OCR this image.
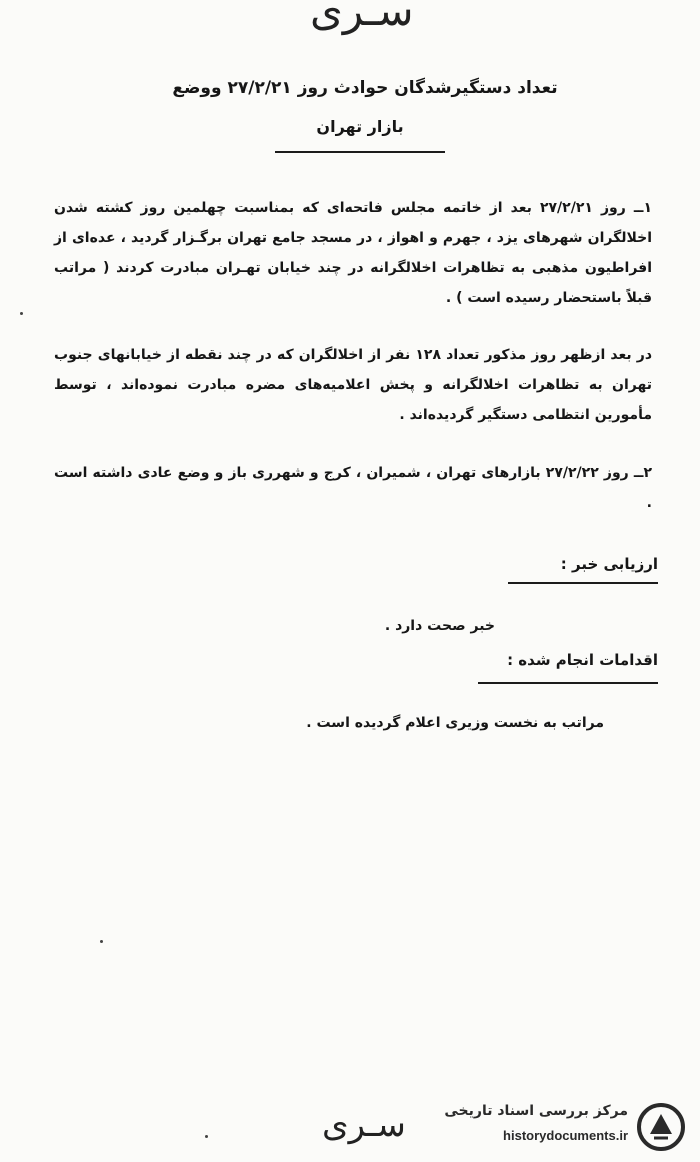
سـری
تعداد دستگیرشدگان حوادث روز ۲۷/۲/۲۱ ووضع
بازار تهران
۱ــ روز ۲۷/۲/۲۱ بعد از خاتمه مجلس فاتحه‌ای که بمناسبت چهلمین روز کشته شدن اخلالگران شهرهای یزد ، جهرم و اهواز ، در مسجد جامع تهران برگـزار گردید ، عده‌ای از افراطیون مذهبی به تظاهرات اخلالگرانه در چند خیابان تهـران مبادرت کردند ( مراتب قبلاً باستحضار رسیده است ) .
در بعد ازظهر روز مذکور تعداد ۱۲۸ نفر از اخلالگران که در چند نقطه از خیابانهای جنوب تهران به تظاهرات اخلالگرانه و پخش اعلامیه‌های مضره مبادرت نموده‌اند ، توسط مأمورین انتظامی دستگیر گردیده‌اند .
۲ــ روز ۲۷/۲/۲۲ بازارهای تهران ، شمیران ، کرج و شهرری باز و وضع عادی داشته است .
ارزیابی خبر :
خبر صحت دارد .
اقدامات انجام شده :
مراتب به نخست وزیری اعلام گردیده است .
سـری	مرکز بررسی اسناد تاریخی
historydocuments.ir
